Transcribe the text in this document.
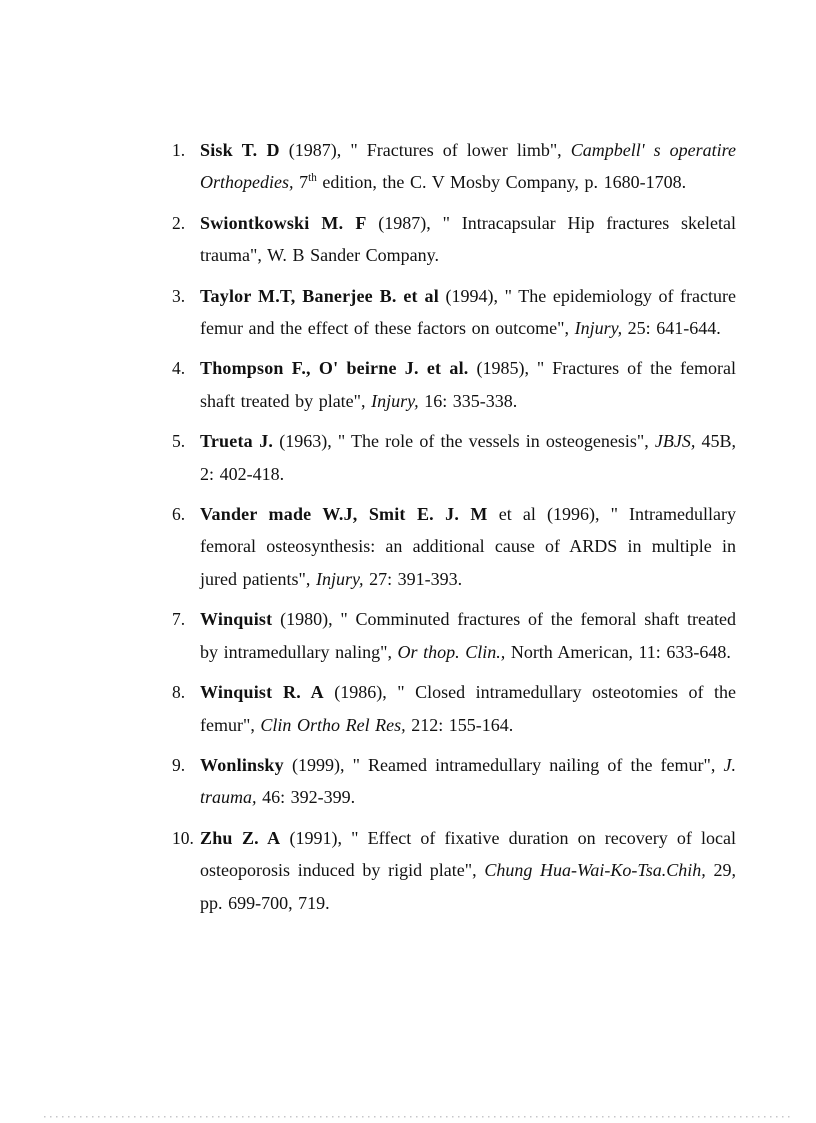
1. Sisk T. D (1987), " Fractures of lower limb", Campbell' s operatire Orthopedies, 7th edition, the C. V Mosby Company, p. 1680-1708.
2. Swiontkowski M. F (1987), " Intracapsular Hip fractures skeletal trauma", W. B Sander Company.
3. Taylor M.T, Banerjee B. et al (1994), " The epidemiology of fracture femur and the effect of these factors on outcome", Injury, 25: 641-644.
4. Thompson F., O' beirne J. et al. (1985), " Fractures of the femoral shaft treated by plate", Injury, 16: 335-338.
5. Trueta J. (1963), " The role of the vessels in osteogenesis", JBJS, 45B, 2: 402-418.
6. Vander made W.J, Smit E. J. M et al (1996), " Intramedullary femoral osteosynthesis: an additional cause of ARDS in multiple in jured patients", Injury, 27: 391-393.
7. Winquist (1980), " Comminuted fractures of the femoral shaft treated by intramedullary naling", Or thop. Clin., North American, 11: 633-648.
8. Winquist R. A (1986), " Closed intramedullary osteotomies of the femur", Clin Ortho Rel Res, 212: 155-164.
9. Wonlinsky (1999), " Reamed intramedullary nailing of the femur", J. trauma, 46: 392-399.
10. Zhu Z. A (1991), " Effect of fixative duration on recovery of local osteoporosis induced by rigid plate", Chung Hua-Wai-Ko-Tsa.Chih, 29, pp. 699-700, 719.
